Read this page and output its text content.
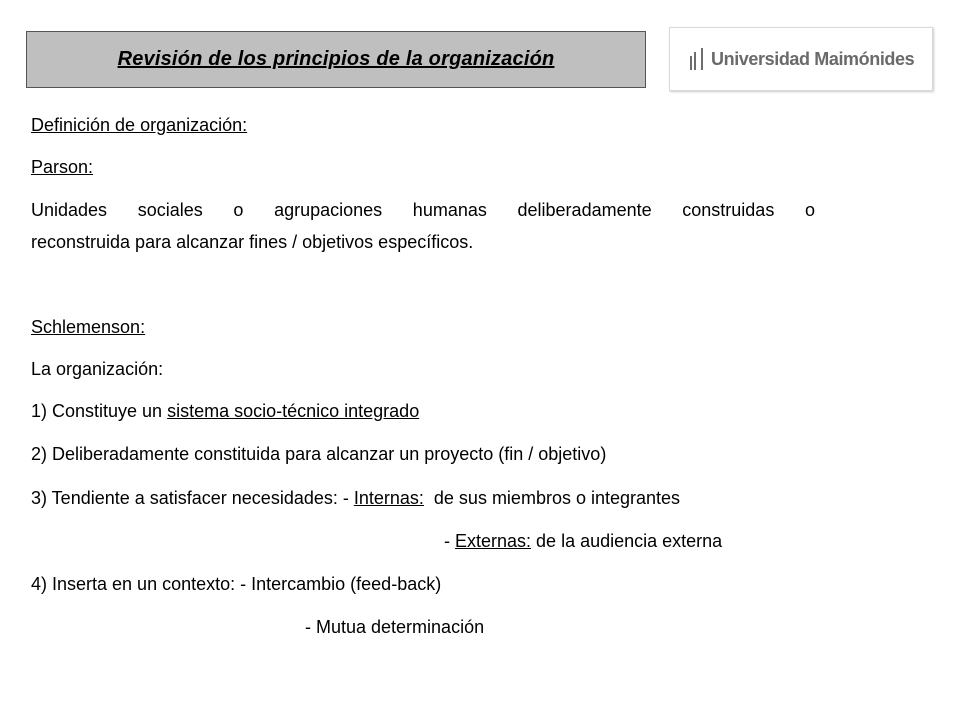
Revisión de los principios de la organización	Universidad Maimónides
Definición de organización:
Parson:
Unidades sociales o agrupaciones humanas deliberadamente construidas o
reconstruida para alcanzar fines / objetivos específicos.
Schlemenson:
La organización:
1) Constituye un sistema socio-técnico integrado
2) Deliberadamente constituida para alcanzar un proyecto (fin / objetivo)
3) Tendiente a satisfacer necesidades: - Internas:  de sus miembros o integrantes
- Externas: de la audiencia externa
4) Inserta en un contexto: - Intercambio (feed-back)
- Mutua determinación
